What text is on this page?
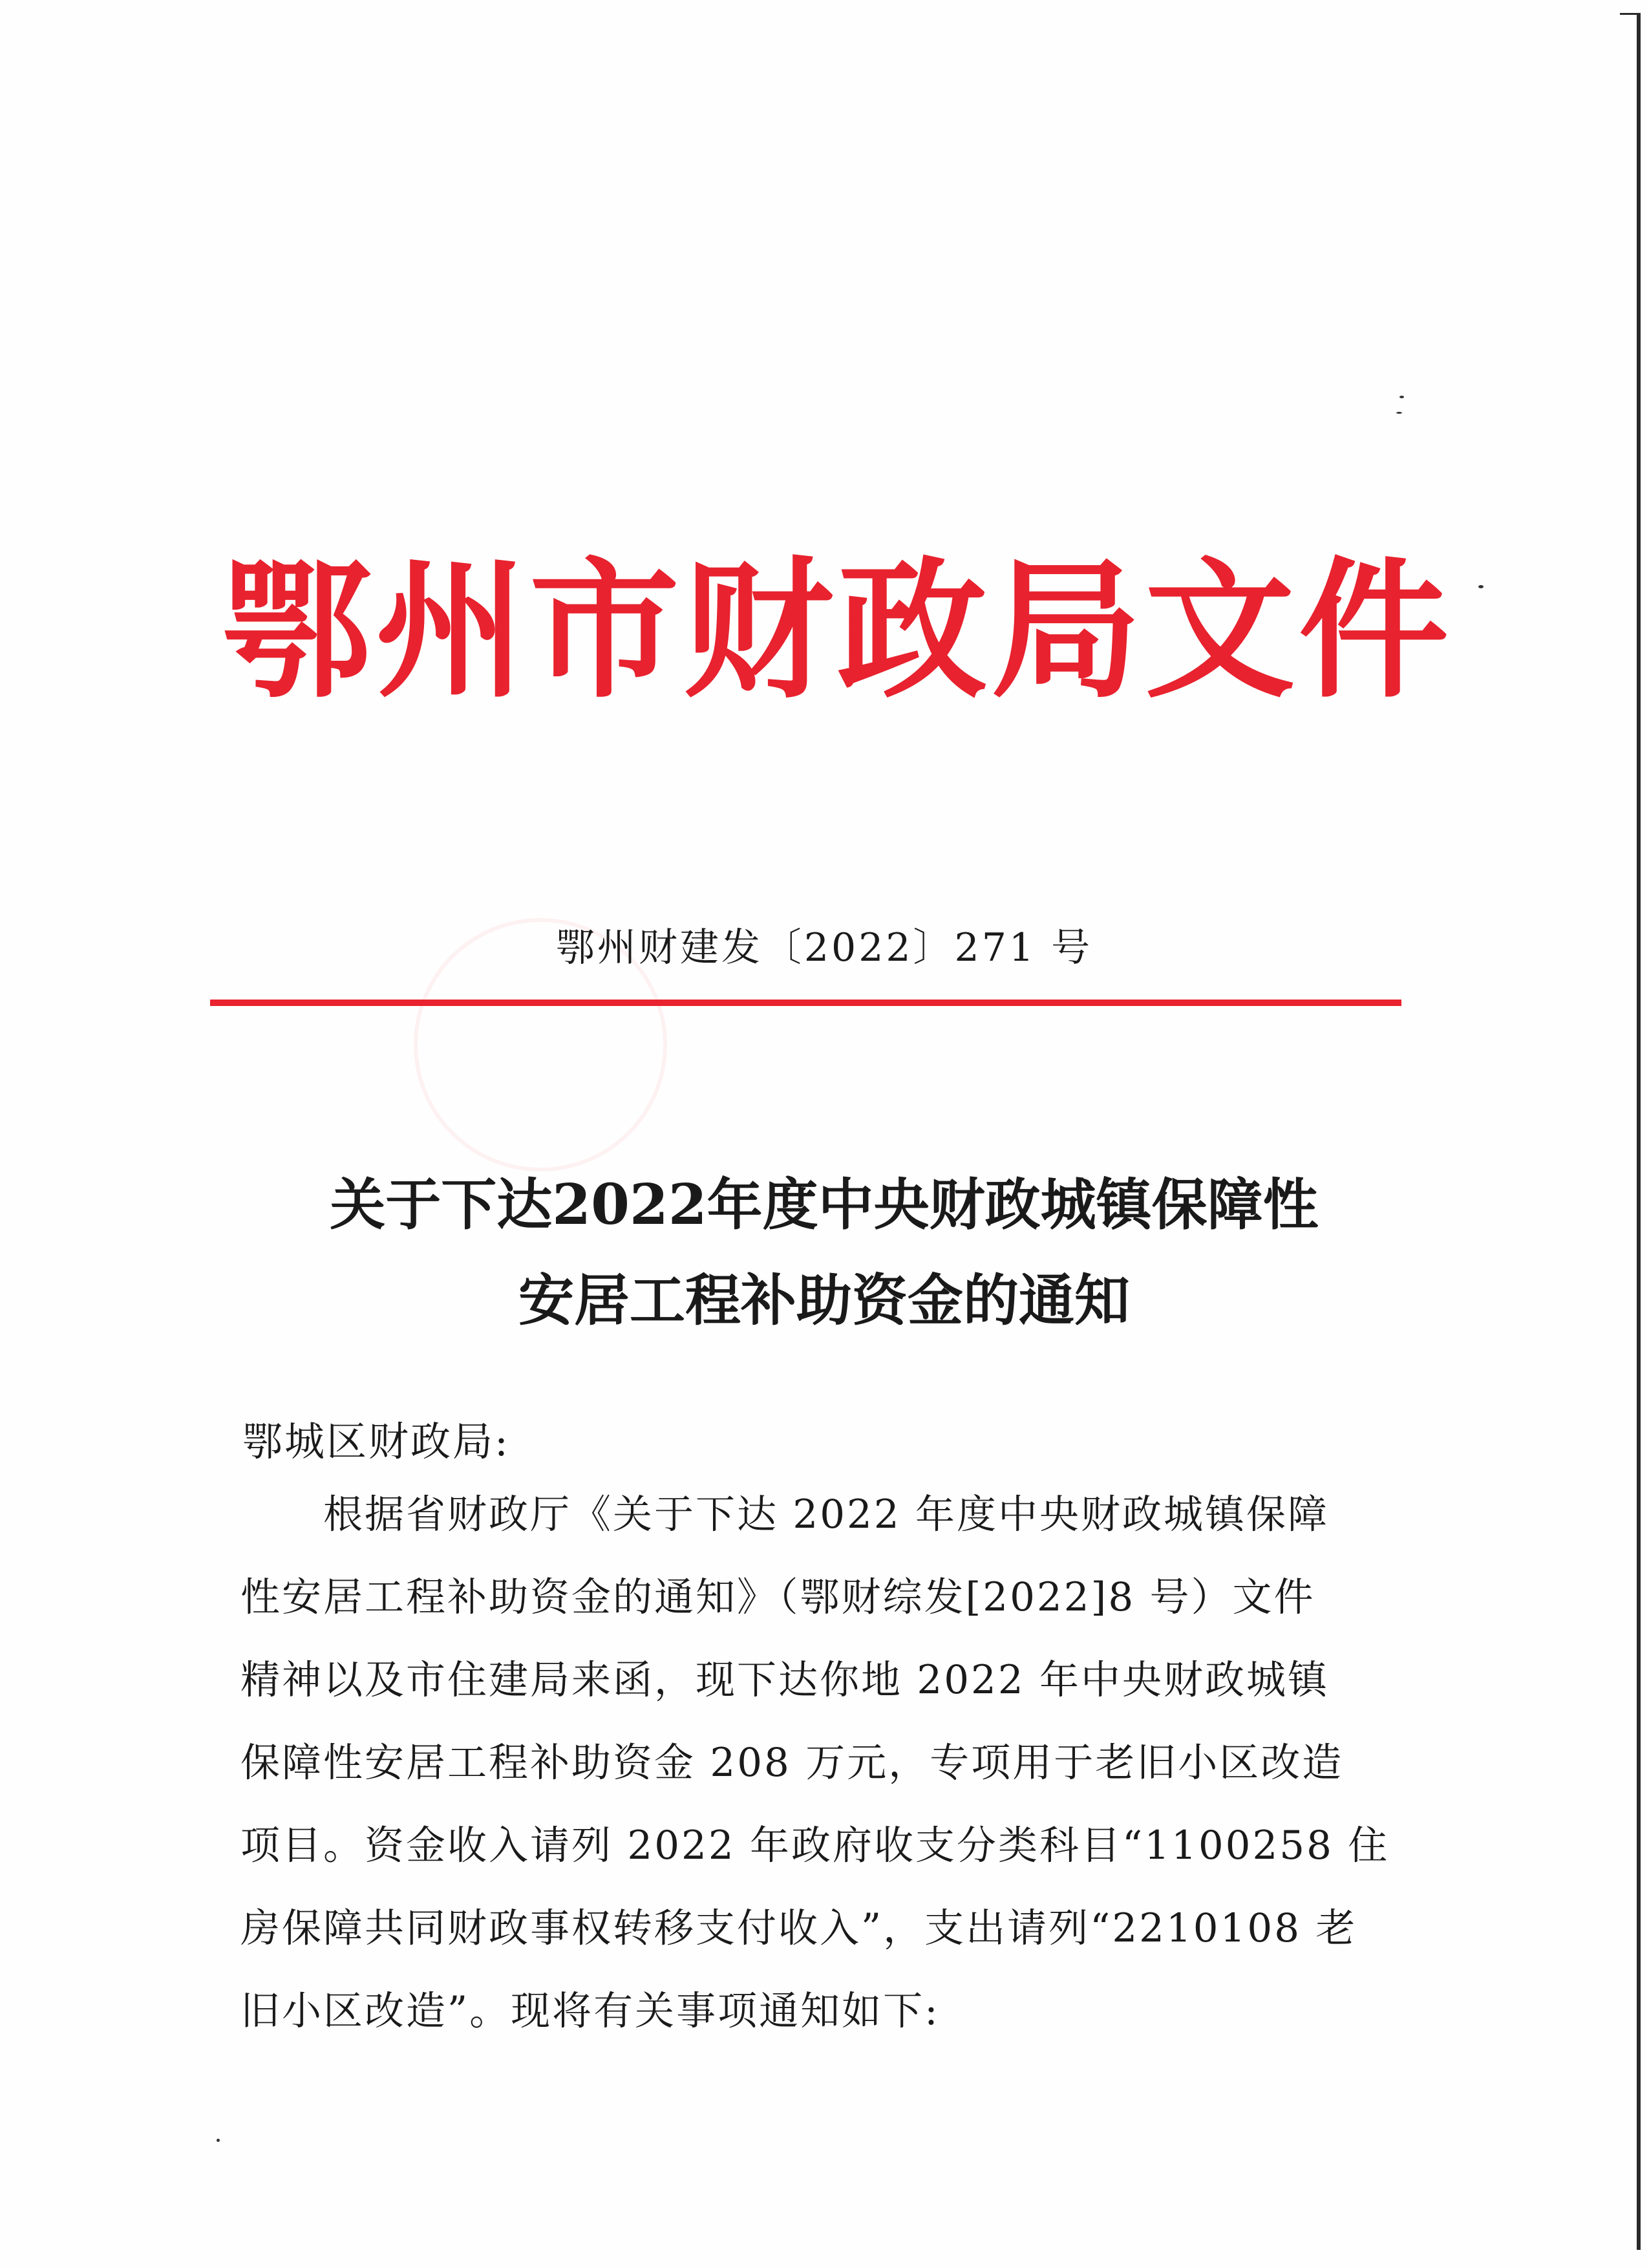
鄂州市财政局文件
鄂州财建发〔2022〕271 号
关于下达2022年度中央财政城镇保障性
安居工程补助资金的通知
鄂城区财政局:
根据省财政厅《关于下达 2022 年度中央财政城镇保障
性安居工程补助资金的通知》（鄂财综发[2022]8 号）文件
精神以及市住建局来函，现下达你地 2022 年中央财政城镇
保障性安居工程补助资金 208 万元，专项用于老旧小区改造
项目。资金收入请列 2022 年政府收支分类科目“1100258 住
房保障共同财政事权转移支付收入”，支出请列“2210108 老
旧小区改造”。现将有关事项通知如下:
